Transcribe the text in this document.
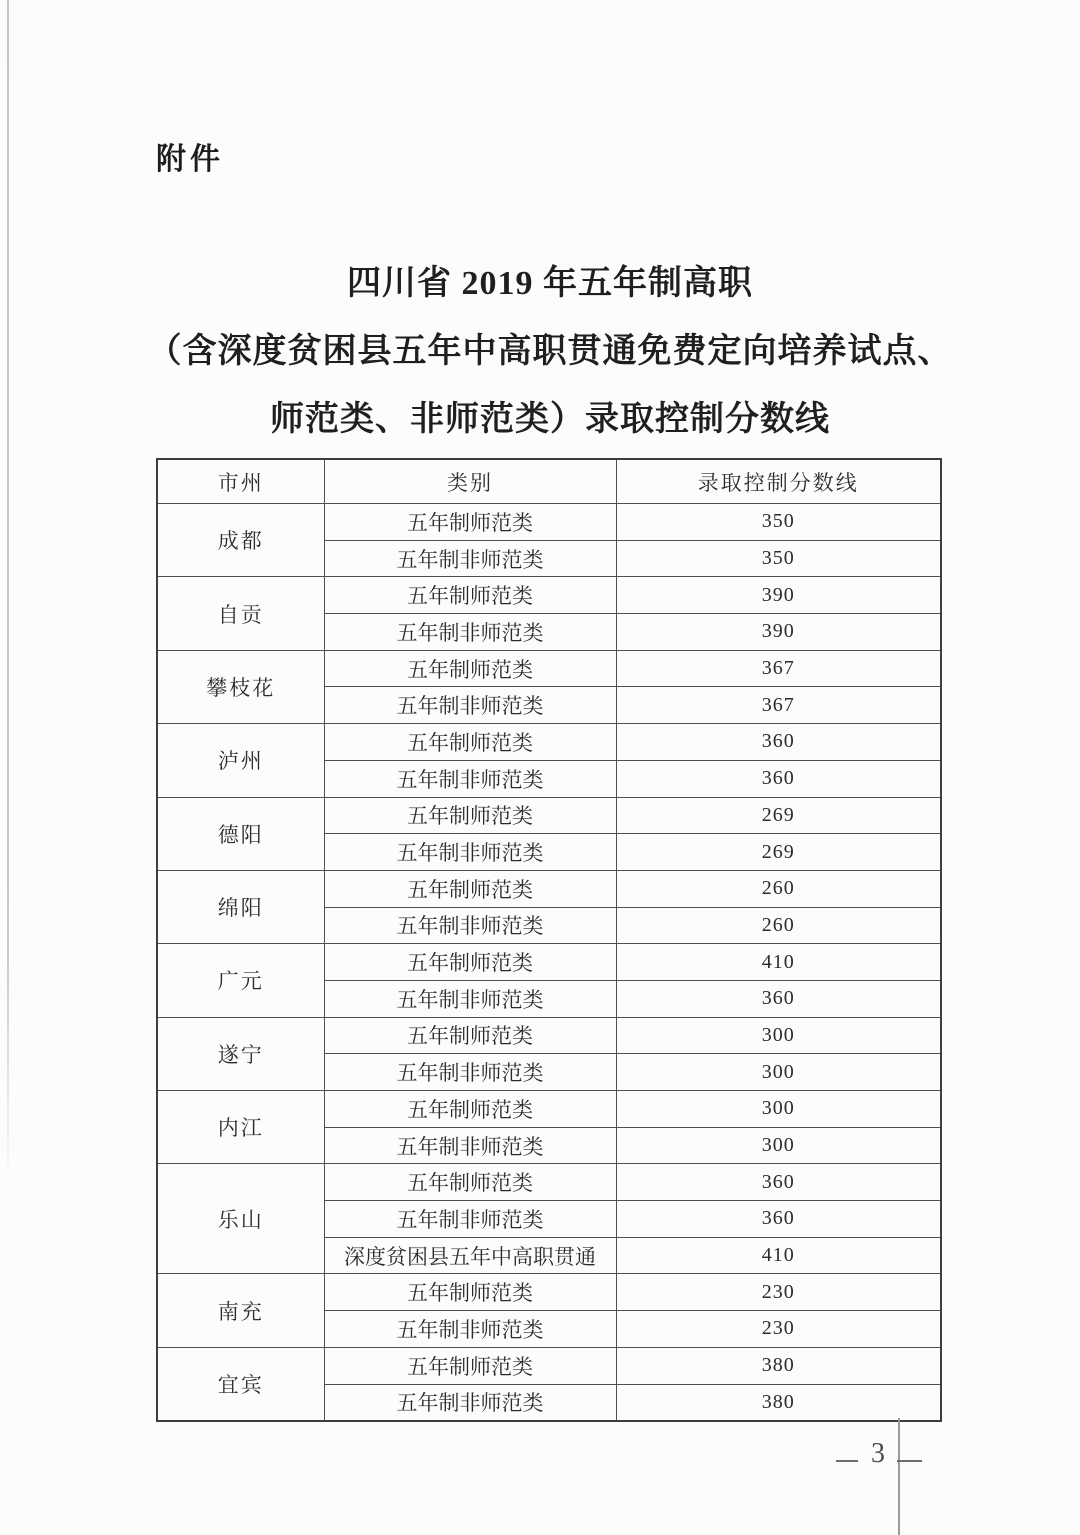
附件
四川省 2019 年五年制高职
（含深度贫困县五年中高职贯通免费定向培养试点、
师范类、非师范类）录取控制分数线
市州	类别	录取控制分数线
成都	五年制师范类	350
	五年制非师范类	350
自贡	五年制师范类	390
	五年制非师范类	390
攀枝花	五年制师范类	367
	五年制非师范类	367
泸州	五年制师范类	360
	五年制非师范类	360
德阳	五年制师范类	269
	五年制非师范类	269
绵阳	五年制师范类	260
	五年制非师范类	260
广元	五年制师范类	410
	五年制非师范类	360
遂宁	五年制师范类	300
	五年制非师范类	300
内江	五年制师范类	300
	五年制非师范类	300
乐山	五年制师范类	360
	五年制非师范类	360
	深度贫困县五年中高职贯通	410
南充	五年制师范类	230
	五年制非师范类	230
宜宾	五年制师范类	380
	五年制非师范类	380
3
